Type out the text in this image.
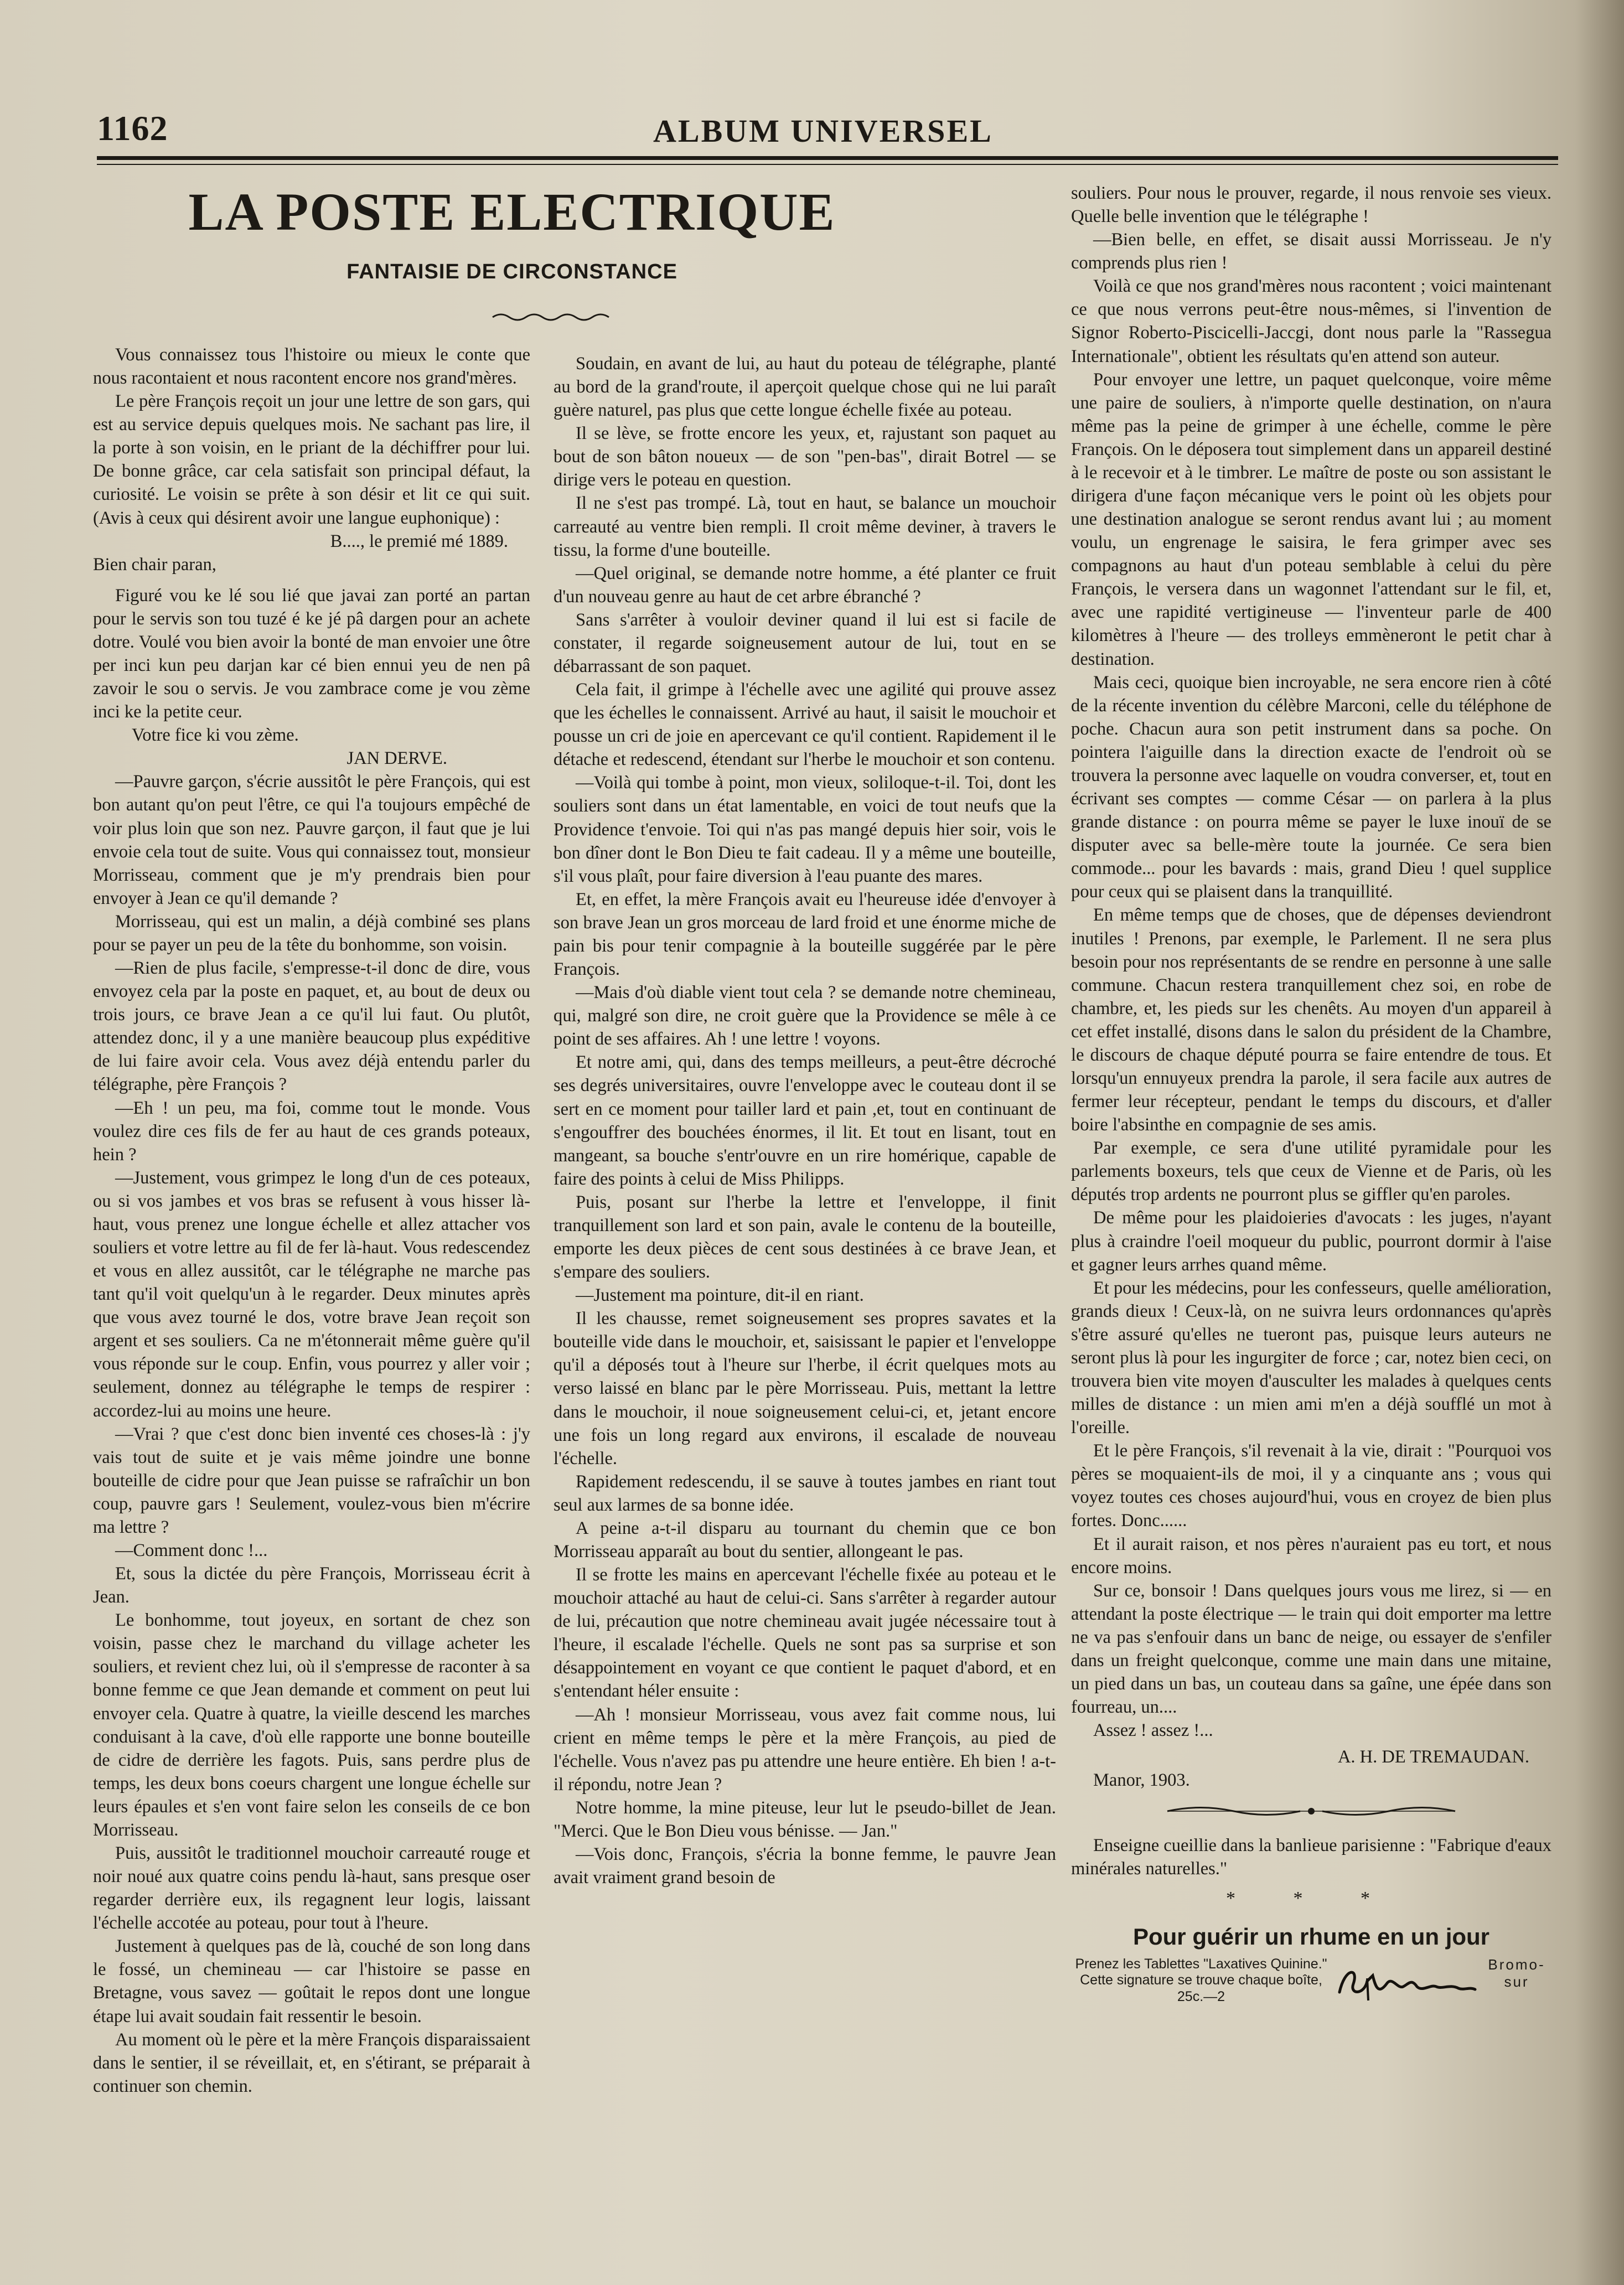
1162	ALBUM UNIVERSEL
LA POSTE ELECTRIQUE
FANTAISIE DE CIRCONSTANCE

Vous connaissez tous l'histoire ou mieux le conte que nous racontaient et nous racontent encore nos grand'mères.

Le père François reçoit un jour une lettre de son gars, qui est au service depuis quelques mois. Ne sachant pas lire, il la porte à son voisin, en le priant de la déchiffrer pour lui. De bonne grâce, car cela satisfait son principal défaut, la curiosité. Le voisin se prête à son désir et lit ce qui suit. (Avis à ceux qui désirent avoir une langue euphonique) :

B...., le premié mé 1889.

Bien chair paran,

Figuré vou ke lé sou lié que javai zan porté an partan pour le servis son tou tuzé é ke jé pâ dargen pour an achete dotre. Voulé vou bien avoir la bonté de man envoier une ôtre per inci kun peu darjan kar cé bien ennui yeu de nen pâ zavoir le sou o servis. Je vou zambrace come je vou zème inci ke la petite ceur.

Votre fice ki vou zème.

JAN DERVE.

—Pauvre garçon, s'écrie aussitôt le père François, qui est bon autant qu'on peut l'être, ce qui l'a toujours empêché de voir plus loin que son nez. Pauvre garçon, il faut que je lui envoie cela tout de suite. Vous qui connaissez tout, monsieur Morrisseau, comment que je m'y prendrais bien pour envoyer à Jean ce qu'il demande ?

Morrisseau, qui est un malin, a déjà combiné ses plans pour se payer un peu de la tête du bonhomme, son voisin.

—Rien de plus facile, s'empresse-t-il donc de dire, vous envoyez cela par la poste en paquet, et, au bout de deux ou trois jours, ce brave Jean a ce qu'il lui faut. Ou plutôt, attendez donc, il y a une manière beaucoup plus expéditive de lui faire avoir cela. Vous avez déjà entendu parler du télégraphe, père François ?

—Eh ! un peu, ma foi, comme tout le monde. Vous voulez dire ces fils de fer au haut de ces grands poteaux, hein ?

—Justement, vous grimpez le long d'un de ces poteaux, ou si vos jambes et vos bras se refusent à vous hisser là-haut, vous prenez une longue échelle et allez attacher vos souliers et votre lettre au fil de fer là-haut. Vous redescendez et vous en allez aussitôt, car le télégraphe ne marche pas tant qu'il voit quelqu'un à le regarder. Deux minutes après que vous avez tourné le dos, votre brave Jean reçoit son argent et ses souliers. Ca ne m'étonnerait même guère qu'il vous réponde sur le coup. Enfin, vous pourrez y aller voir ; seulement, donnez au télégraphe le temps de respirer : accordez-lui au moins une heure.

—Vrai ? que c'est donc bien inventé ces choses-là : j'y vais tout de suite et je vais même joindre une bonne bouteille de cidre pour que Jean puisse se rafraîchir un bon coup, pauvre gars ! Seulement, voulez-vous bien m'écrire ma lettre ?

—Comment donc !...

Et, sous la dictée du père François, Morrisseau écrit à Jean.

Le bonhomme, tout joyeux, en sortant de chez son voisin, passe chez le marchand du village acheter les souliers, et revient chez lui, où il s'empresse de raconter à sa bonne femme ce que Jean demande et comment on peut lui envoyer cela. Quatre à quatre, la vieille descend les marches conduisant à la cave, d'où elle rapporte une bonne bouteille de cidre de derrière les fagots. Puis, sans perdre plus de temps, les deux bons coeurs chargent une longue échelle sur leurs épaules et s'en vont faire selon les conseils de ce bon Morrisseau.

Puis, aussitôt le traditionnel mouchoir carreauté rouge et noir noué aux quatre coins pendu là-haut, sans presque oser regarder derrière eux, ils regagnent leur logis, laissant l'échelle accotée au poteau, pour tout à l'heure.

Justement à quelques pas de là, couché de son long dans le fossé, un chemineau — car l'histoire se passe en Bretagne, vous savez — goûtait le repos dont une longue étape lui avait soudain fait ressentir le besoin.

Au moment où le père et la mère François disparaissaient dans le sentier, il se réveillait, et, en s'étirant, se préparait à continuer son chemin.

Soudain, en avant de lui, au haut du poteau de télégraphe, planté au bord de la grand'route, il aperçoit quelque chose qui ne lui paraît guère naturel, pas plus que cette longue échelle fixée au poteau.

Il se lève, se frotte encore les yeux, et, rajustant son paquet au bout de son bâton noueux — de son "pen-bas", dirait Botrel — se dirige vers le poteau en question.

Il ne s'est pas trompé. Là, tout en haut, se balance un mouchoir carreauté au ventre bien rempli. Il croit même deviner, à travers le tissu, la forme d'une bouteille.

—Quel original, se demande notre homme, a été planter ce fruit d'un nouveau genre au haut de cet arbre ébranché ?

Sans s'arrêter à vouloir deviner quand il lui est si facile de constater, il regarde soigneusement autour de lui, tout en se débarrassant de son paquet.

Cela fait, il grimpe à l'échelle avec une agilité qui prouve assez que les échelles le connaissent. Arrivé au haut, il saisit le mouchoir et pousse un cri de joie en apercevant ce qu'il contient. Rapidement il le détache et redescend, étendant sur l'herbe le mouchoir et son contenu.

—Voilà qui tombe à point, mon vieux, soliloque-t-il. Toi, dont les souliers sont dans un état lamentable, en voici de tout neufs que la Providence t'envoie. Toi qui n'as pas mangé depuis hier soir, vois le bon dîner dont le Bon Dieu te fait cadeau. Il y a même une bouteille, s'il vous plaît, pour faire diversion à l'eau puante des mares.

Et, en effet, la mère François avait eu l'heureuse idée d'envoyer à son brave Jean un gros morceau de lard froid et une énorme miche de pain bis pour tenir compagnie à la bouteille suggérée par le père François.

—Mais d'où diable vient tout cela ? se demande notre chemineau, qui, malgré son dire, ne croit guère que la Providence se mêle à ce point de ses affaires. Ah ! une lettre ! voyons.

Et notre ami, qui, dans des temps meilleurs, a peut-être décroché ses degrés universitaires, ouvre l'enveloppe avec le couteau dont il se sert en ce moment pour tailler lard et pain ,et, tout en continuant de s'engouffrer des bouchées énormes, il lit. Et tout en lisant, tout en mangeant, sa bouche s'entr'ouvre en un rire homérique, capable de faire des points à celui de Miss Philipps.

Puis, posant sur l'herbe la lettre et l'enveloppe, il finit tranquillement son lard et son pain, avale le contenu de la bouteille, emporte les deux pièces de cent sous destinées à ce brave Jean, et s'empare des souliers.

—Justement ma pointure, dit-il en riant.

Il les chausse, remet soigneusement ses propres savates et la bouteille vide dans le mouchoir, et, saisissant le papier et l'enveloppe qu'il a déposés tout à l'heure sur l'herbe, il écrit quelques mots au verso laissé en blanc par le père Morrisseau. Puis, mettant la lettre dans le mouchoir, il noue soigneusement celui-ci, et, jetant encore une fois un long regard aux environs, il escalade de nouveau l'échelle.

Rapidement redescendu, il se sauve à toutes jambes en riant tout seul aux larmes de sa bonne idée.

A peine a-t-il disparu au tournant du chemin que ce bon Morrisseau apparaît au bout du sentier, allongeant le pas.

Il se frotte les mains en apercevant l'échelle fixée au poteau et le mouchoir attaché au haut de celui-ci. Sans s'arrêter à regarder autour de lui, précaution que notre chemineau avait jugée nécessaire tout à l'heure, il escalade l'échelle. Quels ne sont pas sa surprise et son désappointement en voyant ce que contient le paquet d'abord, et en s'entendant héler ensuite :

—Ah ! monsieur Morrisseau, vous avez fait comme nous, lui crient en même temps le père et la mère François, au pied de l'échelle. Vous n'avez pas pu attendre une heure entière. Eh bien ! a-t-il répondu, notre Jean ?

Notre homme, la mine piteuse, leur lut le pseudo-billet de Jean. "Merci. Que le Bon Dieu vous bénisse. — Jan."

—Vois donc, François, s'écria la bonne femme, le pauvre Jean avait vraiment grand besoin de

souliers. Pour nous le prouver, regarde, il nous renvoie ses vieux. Quelle belle invention que le télégraphe !

—Bien belle, en effet, se disait aussi Morrisseau. Je n'y comprends plus rien !

Voilà ce que nos grand'mères nous racontent ; voici maintenant ce que nous verrons peut-être nous-mêmes, si l'invention de Signor Roberto-Piscicelli-Jaccgi, dont nous parle la "Rassegua Internationale", obtient les résultats qu'en attend son auteur.

Pour envoyer une lettre, un paquet quelconque, voire même une paire de souliers, à n'importe quelle destination, on n'aura même pas la peine de grimper à une échelle, comme le père François. On le déposera tout simplement dans un appareil destiné à le recevoir et à le timbrer. Le maître de poste ou son assistant le dirigera d'une façon mécanique vers le point où les objets pour une destination analogue se seront rendus avant lui ; au moment voulu, un engrenage le saisira, le fera grimper avec ses compagnons au haut d'un poteau semblable à celui du père François, le versera dans un wagonnet l'attendant sur le fil, et, avec une rapidité vertigineuse — l'inventeur parle de 400 kilomètres à l'heure — des trolleys emmèneront le petit char à destination.

Mais ceci, quoique bien incroyable, ne sera encore rien à côté de la récente invention du célèbre Marconi, celle du téléphone de poche. Chacun aura son petit instrument dans sa poche. On pointera l'aiguille dans la direction exacte de l'endroit où se trouvera la personne avec laquelle on voudra converser, et, tout en écrivant ses comptes — comme César — on parlera à la plus grande distance : on pourra même se payer le luxe inouï de se disputer avec sa belle-mère toute la journée. Ce sera bien commode... pour les bavards : mais, grand Dieu ! quel supplice pour ceux qui se plaisent dans la tranquillité.

En même temps que de choses, que de dépenses deviendront inutiles ! Prenons, par exemple, le Parlement. Il ne sera plus besoin pour nos représentants de se rendre en personne à une salle commune. Chacun restera tranquillement chez soi, en robe de chambre, et, les pieds sur les chenêts. Au moyen d'un appareil à cet effet installé, disons dans le salon du président de la Chambre, le discours de chaque député pourra se faire entendre de tous. Et lorsqu'un ennuyeux prendra la parole, il sera facile aux autres de fermer leur récepteur, pendant le temps du discours, et d'aller boire l'absinthe en compagnie de ses amis.

Par exemple, ce sera d'une utilité pyramidale pour les parlements boxeurs, tels que ceux de Vienne et de Paris, où les députés trop ardents ne pourront plus se giffler qu'en paroles.

De même pour les plaidoieries d'avocats : les juges, n'ayant plus à craindre l'oeil moqueur du public, pourront dormir à l'aise et gagner leurs arrhes quand même.

Et pour les médecins, pour les confesseurs, quelle amélioration, grands dieux ! Ceux-là, on ne suivra leurs ordonnances qu'après s'être assuré qu'elles ne tueront pas, puisque leurs auteurs ne seront plus là pour les ingurgiter de force ; car, notez bien ceci, on trouvera bien vite moyen d'ausculter les malades à quelques cents milles de distance : un mien ami m'en a déjà soufflé un mot à l'oreille.

Et le père François, s'il revenait à la vie, dirait : "Pourquoi vos pères se moquaient-ils de moi, il y a cinquante ans ; vous qui voyez toutes ces choses aujourd'hui, vous en croyez de bien plus fortes. Donc......

Et il aurait raison, et nos pères n'auraient pas eu tort, et nous encore moins.

Sur ce, bonsoir ! Dans quelques jours vous me lirez, si — en attendant la poste électrique — le train qui doit emporter ma lettre ne va pas s'enfouir dans un banc de neige, ou essayer de s'enfiler dans un freight quelconque, comme une main dans une mitaine, un pied dans un bas, un couteau dans sa gaîne, une épée dans son fourreau, un....

Assez ! assez !...

A. H. DE TREMAUDAN.

Manor, 1903.

Enseigne cueillie dans la banlieue parisienne : "Fabrique d'eaux minérales naturelles."

* * *
Pour guérir un rhume en un jour
Prenez les Tablettes "Laxatives Quinine." Cette signature se trouve chaque boîte, 25c.—2
Bromo-
sur
